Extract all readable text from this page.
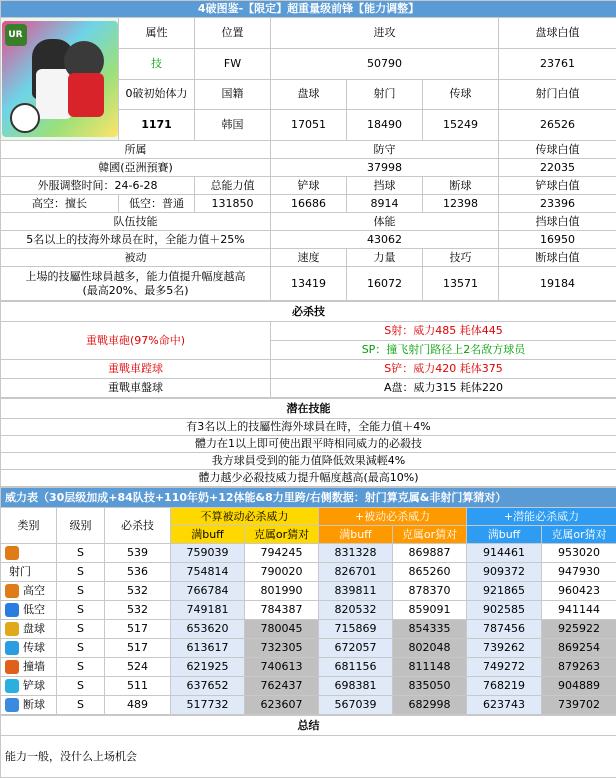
4破图鉴-【限定】超重量级前锋【能力调整】						

UR	属性	位置	进攻			盘球白值
	技	FW	50790			23761
	0破初始体力	国籍	盘球	射门	传球	射门白值
	1171	韩国	17051	18490	15249	26526
所属			防守			传球白值
韓國(亞洲預賽)			37998			22035
外服调整时间：24-6-28		总能力值	铲球	挡球	断球	铲球白值
高空：擅长	低空：普通	131850	16686	8914	12398	23396
队伍技能			体能			挡球白值
5名以上的技海外球员在时，全能力值＋25%			43062			16950
被动			速度	力量	技巧	断球白值
上場的技屬性球員越多，能力值提升幅度越高
(最高20%、最多5名)			13419	16072	13571	19184
必杀技	
重戰車砲(97%命中)	S射：威力485 耗体445
	SP：撞飞射门路径上2名敌方球员
重戰車蹚球	S铲：威力420 耗体375
重戰車盤球	A盘：威力315 耗体220
潜在技能
有3名以上的技屬性海外球員在時，全能力值＋4%
體力在1以上即可使出跟平時相同威力的必殺技
我方球員受到的能力值降低效果減輕4%
體力越少必殺技威力提升幅度越高(最高10%)
威力表（30层级加成+84队技+110年奶+12体能&8力里跨/右侧数据：射门算克属&非射门算猜对）								
类别	级别	必杀技	不算被动必杀威力		+被动必杀威力		+潜能必杀威力	
			满buff	克属or猜对	满buff	克属or猜对	满buff	克属or猜对
	S	539	759039	794245	831328	869887	914461	953020
射门	S	536	754814	790020	826701	865260	909372	947930
高空	S	532	766784	801990	839811	878370	921865	960423
低空	S	532	749181	784387	820532	859091	902585	941144
盘球	S	517	653620	780045	715869	854335	787456	925922
传球	S	517	613617	732305	672057	802048	739262	869254
撞墙	S	524	621925	740613	681156	811148	749272	879263
铲球	S	511	637652	762437	698381	835050	768219	904889
断球	S	489	517732	623607	567039	682998	623743	739702
总结
能力一般，没什么上场机会
